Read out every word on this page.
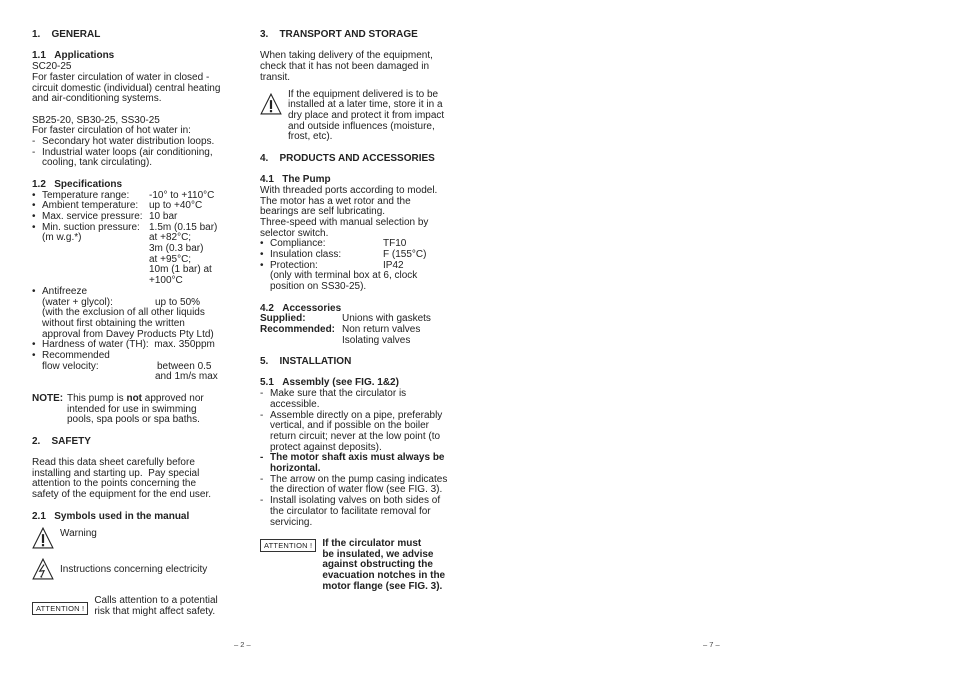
1.    GENERAL
1.1   Applications
SC20-25
For faster circulation of water in closed -
circuit domestic (individual) central heating
and air-conditioning systems.
SB25-20, SB30-25, SS30-25
For faster circulation of hot water in:
- Secondary hot water distribution loops.
- Industrial water loops (air conditioning,
cooling, tank circulating).
1.2   Specifications
• Temperature range:	-10° to +110°C
• Ambient temperature:	up to +40°C
• Max. service pressure: 10 bar
• Min. suction pressure: 1.5m (0.15 bar)
(m w.g.*)	at +82°C;
3m (0.3 bar)
at +95°C;
10m (1 bar) at
+100°C
• Antifreeze
(water + glycol):	up to 50%
(with the exclusion of all other liquids
without first obtaining the written
approval from Davey Products Pty Ltd)
• Hardness of water (TH):  max. 350ppm
• Recommended
flow velocity:	between 0.5
and 1m/s max
NOTE: This pump is not approved nor
intended for use in swimming
pools, spa pools or spa baths.
2.    SAFETY
Read this data sheet carefully before
installing and starting up.  Pay special
attention to the points concerning the
safety of the equipment for the end user.
2.1   Symbols used in the manual
Warning
Instructions concerning electricity
ATTENTION !
Calls attention to a potential
risk that might affect safety.
– 2 –
3.    TRANSPORT AND STORAGE
When taking delivery of the equipment,
check that it has not been damaged in
transit.
If the equipment delivered is to be
installed at a later time, store it in a
dry place and protect it from impact
and outside influences (moisture,
frost, etc).
4.    PRODUCTS AND ACCESSORIES
4.1   The Pump
With threaded ports according to model.
The motor has a wet rotor and the
bearings are self lubricating.
Three-speed with manual selection by
selector switch.
• Compliance:	TF10
• Insulation class:	F (155°C)
• Protection:	IP42
(only with terminal box at 6, clock
position on SS30-25).
4.2   Accessories
Supplied:	Unions with gaskets
Recommended: Non return valves
Isolating valves
5.    INSTALLATION
5.1   Assembly (see FIG. 1&2)
- Make sure that the circulator is
accessible.
- Assemble directly on a pipe, preferably
vertical, and if possible on the boiler
return circuit; never at the low point (to
protect against deposits).
- The motor shaft axis must always be
horizontal.
- The arrow on the pump casing indicates
the direction of water flow (see FIG. 3).
- Install isolating valves on both sides of
the circulator to facilitate removal for
servicing.
ATTENTION !	If the circulator must
be insulated, we advise
against obstructing the
evacuation notches in the
motor flange (see FIG. 3).
– 7 –
